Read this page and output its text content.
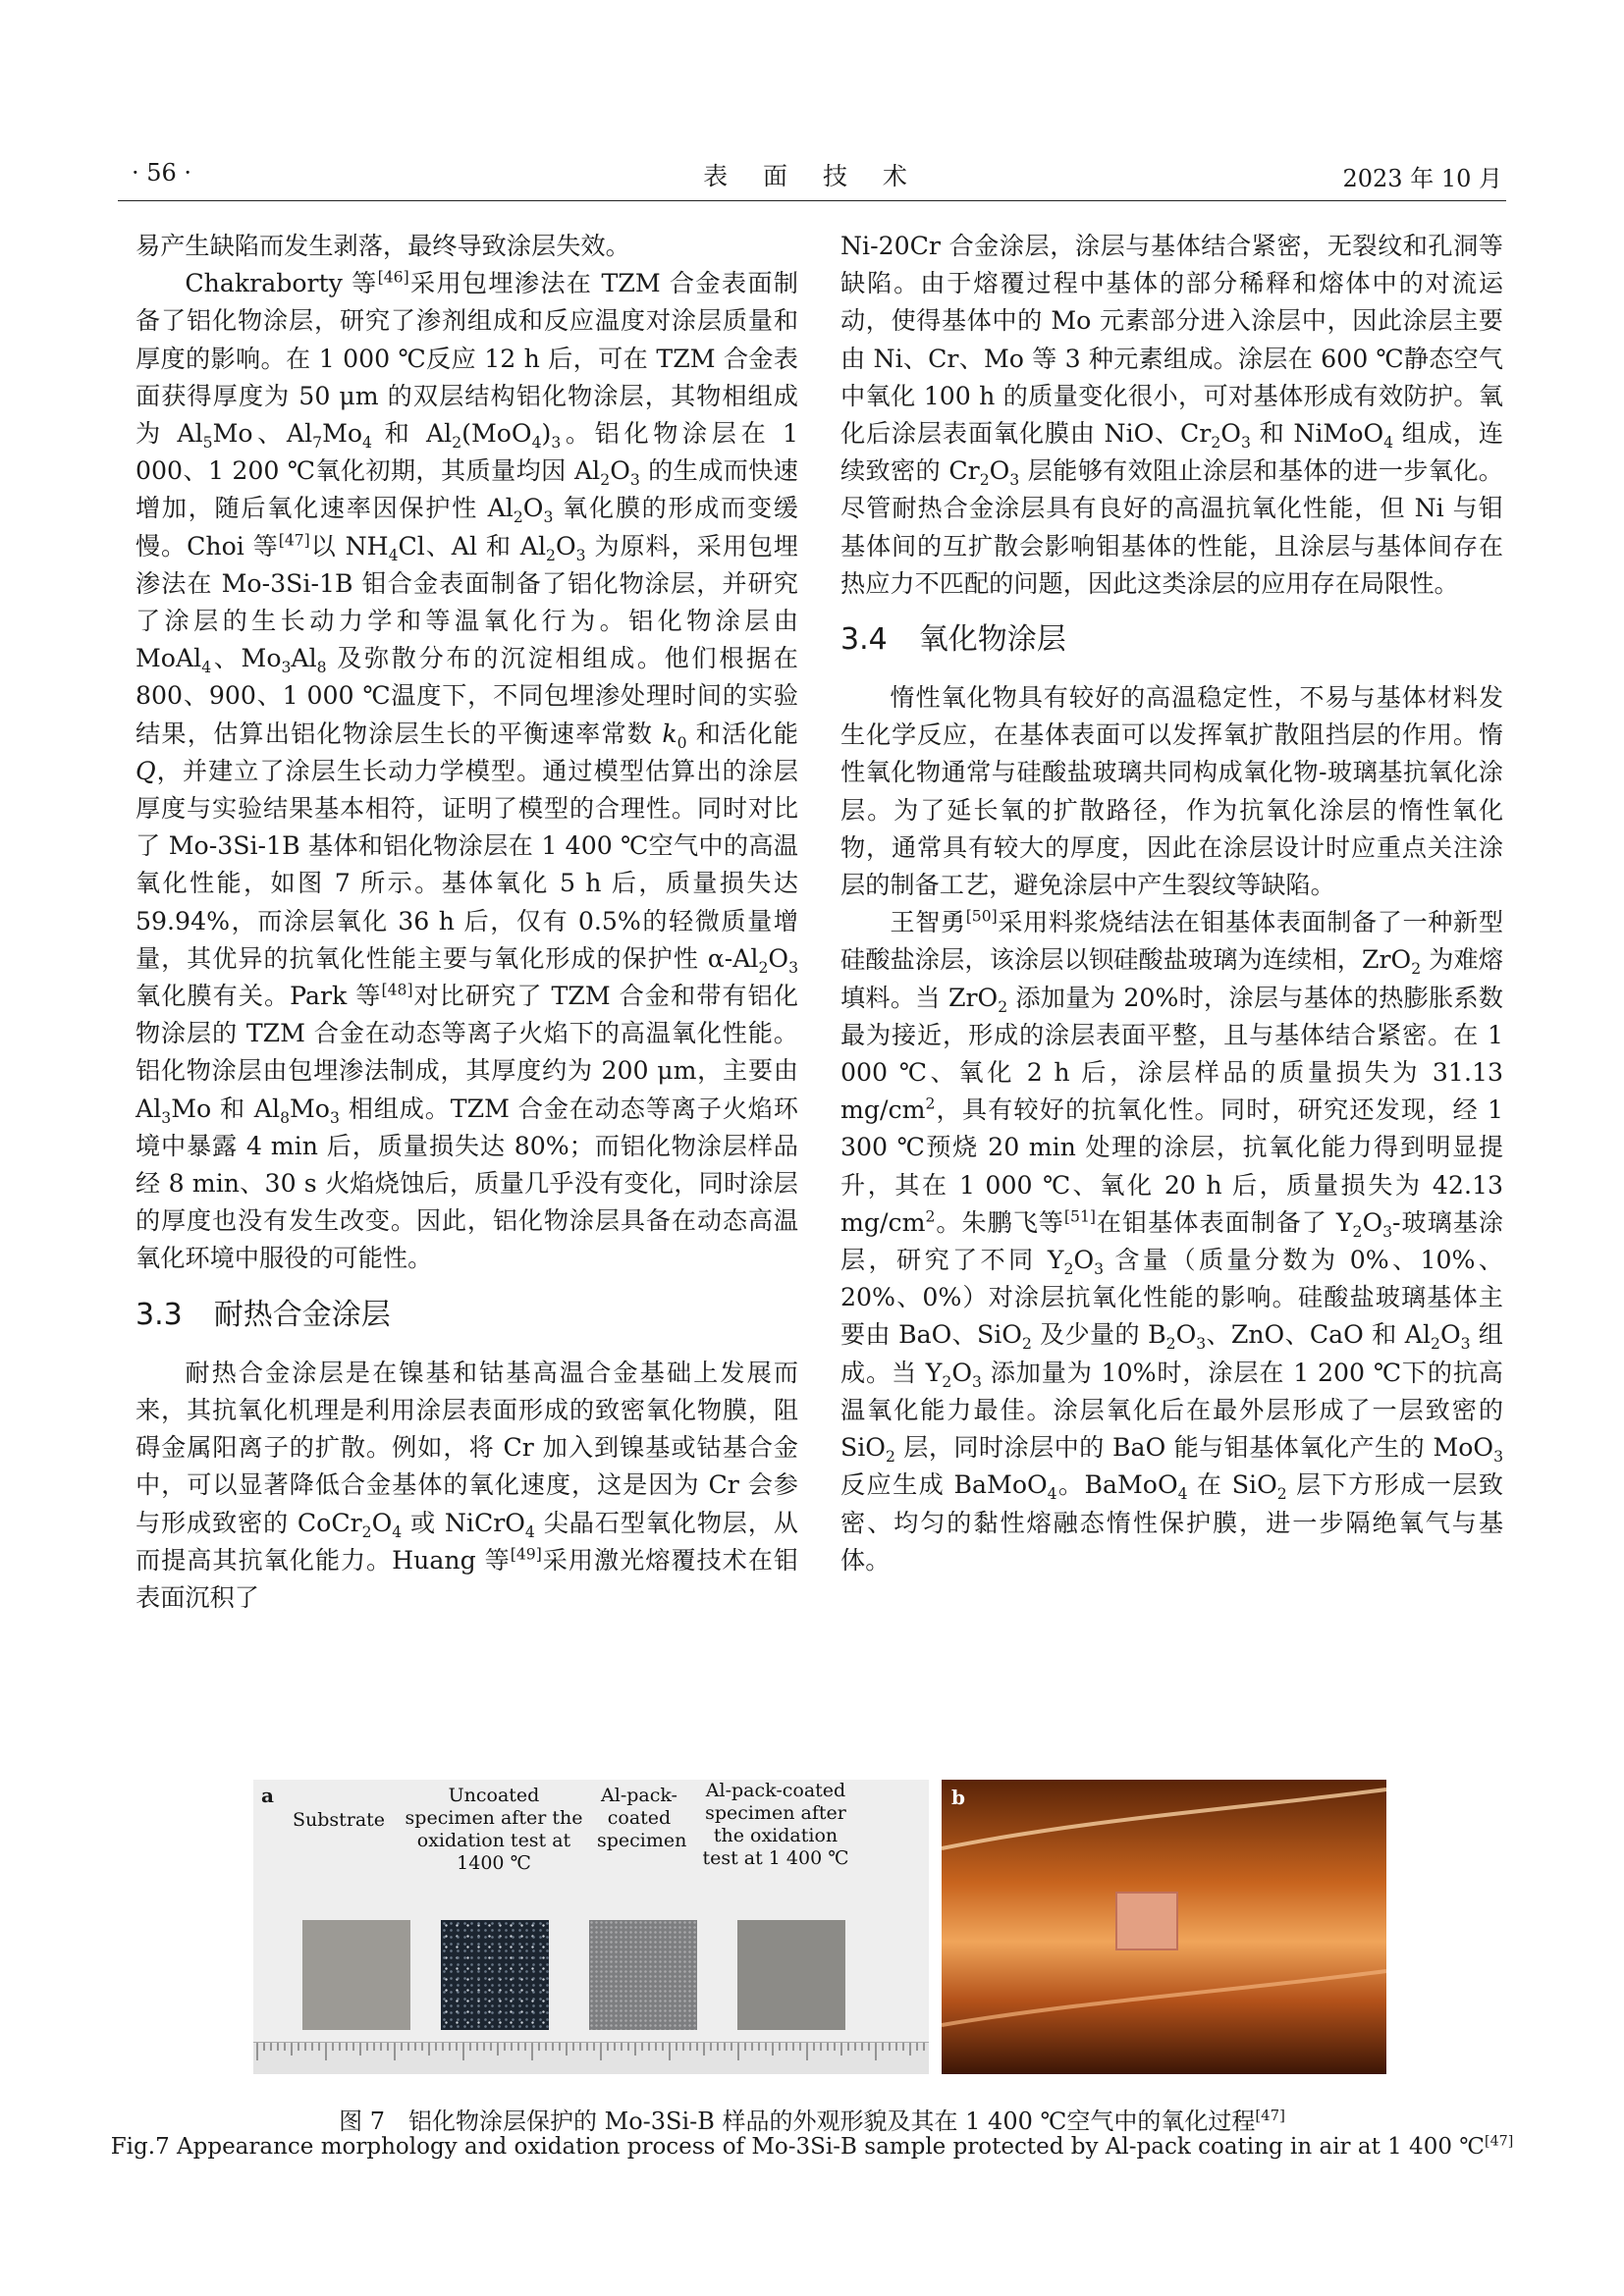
· 56 ·	表 面 技 术	2023 年 10 月

易产生缺陷而发生剥落，最终导致涂层失效。

Chakraborty 等[46]采用包埋渗法在 TZM 合金表面制备了铝化物涂层，研究了渗剂组成和反应温度对涂层质量和厚度的影响。在 1 000 ℃反应 12 h 后，可在 TZM 合金表面获得厚度为 50 μm 的双层结构铝化物涂层，其物相组成为 $Al_5Mo$、$Al_7Mo_4$ 和 $Al_2(MoO_4)_3$。铝化物涂层在 1 000、1 200 ℃氧化初期，其质量均因 $Al_2O_3$ 的生成而快速增加，随后氧化速率因保护性 $Al_2O_3$ 氧化膜的形成而变缓慢。Choi 等[47]以 $NH_4Cl$、Al 和 $Al_2O_3$ 为原料，采用包埋渗法在 Mo-3Si-1B 钼合金表面制备了铝化物涂层，并研究了涂层的生长动力学和等温氧化行为。铝化物涂层由 MoAl$_4$、$Mo_3Al_8$ 及弥散分布的沉淀相组成。他们根据在 800、900、1 000 ℃温度下，不同包埋渗处理时间的实验结果，估算出铝化物涂层生长的平衡速率常数 $k_0$ 和活化能 Q，并建立了涂层生长动力学模型。通过模型估算出的涂层厚度与实验结果基本相符，证明了模型的合理性。同时对比了 Mo-3Si-1B 基体和铝化物涂层在 1 400 ℃空气中的高温氧化性能，如图 7 所示。基体氧化 5 h 后，质量损失达 59.94%，而涂层氧化 36 h 后，仅有 0.5%的轻微质量增量，其优异的抗氧化性能主要与氧化形成的保护性 $\alpha-Al_2O_3$ 氧化膜有关。Park 等[48]对比研究了 TZM 合金和带有铝化物涂层的 TZM 合金在动态等离子火焰下的高温氧化性能。铝化物涂层由包埋渗法制成，其厚度约为 200 μm，主要由 $Al_3Mo$ 和 $Al_8Mo_3$ 相组成。TZM 合金在动态等离子火焰环境中暴露 4 min 后，质量损失达 80%；而铝化物涂层样品经 8 min、30 s 火焰烧蚀后，质量几乎没有变化，同时涂层的厚度也没有发生改变。因此，铝化物涂层具备在动态高温氧化环境中服役的可能性。

3.3 耐热合金涂层

耐热合金涂层是在镍基和钴基高温合金基础上发展而来，其抗氧化机理是利用涂层表面形成的致密氧化物膜，阻碍金属阳离子的扩散。例如，将 Cr 加入到镍基或钴基合金中，可以显著降低合金基体的氧化速度，这是因为 Cr 会参与形成致密的 $CoCr_2O_4$ 或 NiCrO$_4$ 尖晶石型氧化物层，从而提高其抗氧化能力。Huang 等[49]采用激光熔覆技术在钼表面沉积了

Ni-20Cr 合金涂层，涂层与基体结合紧密，无裂纹和孔洞等缺陷。由于熔覆过程中基体的部分稀释和熔体中的对流运动，使得基体中的 Mo 元素部分进入涂层中，因此涂层主要由 Ni、Cr、Mo 等 3 种元素组成。涂层在 600 ℃静态空气中氧化 100 h 的质量变化很小，可对基体形成有效防护。氧化后涂层表面氧化膜由 NiO、$Cr_2O_3$ 和 NiMoO$_4$ 组成，连续致密的 $Cr_2O_3$ 层能够有效阻止涂层和基体的进一步氧化。尽管耐热合金涂层具有良好的高温抗氧化性能，但 Ni 与钼基体间的互扩散会影响钼基体的性能，且涂层与基体间存在热应力不匹配的问题，因此这类涂层的应用存在局限性。

3.4 氧化物涂层

惰性氧化物具有较好的高温稳定性，不易与基体材料发生化学反应，在基体表面可以发挥氧扩散阻挡层的作用。惰性氧化物通常与硅酸盐玻璃共同构成氧化物-玻璃基抗氧化涂层。为了延长氧的扩散路径，作为抗氧化涂层的惰性氧化物，通常具有较大的厚度，因此在涂层设计时应重点关注涂层的制备工艺，避免涂层中产生裂纹等缺陷。

王智勇[50]采用料浆烧结法在钼基体表面制备了一种新型硅酸盐涂层，该涂层以钡硅酸盐玻璃为连续相，ZrO$_2$ 为难熔填料。当 ZrO$_2$ 添加量为 20%时，涂层与基体的热膨胀系数最为接近，形成的涂层表面平整，且与基体结合紧密。在 1 000 ℃、氧化 2 h 后，涂层样品的质量损失为 31.13 $mg/cm^2$，具有较好的抗氧化性。同时，研究还发现，经 1 300 ℃预烧 20 min 处理的涂层，抗氧化能力得到明显提升，其在 1 000 ℃、氧化 20 h 后，质量损失为 42.13 $mg/cm^2$。朱鹏飞等[51]在钼基体表面制备了 $Y_2O_3-$玻璃基涂层，研究了不同 $Y_2O_3$ 含量（质量分数为 0%、10%、20%、0%）对涂层抗氧化性能的影响。硅酸盐玻璃基体主要由 BaO、SiO$_2$ 及少量的 $B_2O_3$、ZnO、CaO 和 $Al_2O_3$ 组成。当 $Y_2O_3$ 添加量为 10%时，涂层在 1 200 ℃下的抗高温氧化能力最佳。涂层氧化后在最外层形成了一层致密的 SiO$_2$ 层，同时涂层中的 BaO 能与钼基体氧化产生的 MoO$_3$ 反应生成 BaMoO$_4$。BaMoO$_4$ 在 SiO$_2$ 层下方形成一层致密、均匀的黏性熔融态惰性保护膜，进一步隔绝氧气与基体。

a
Substrate
Uncoated specimen after the oxidation test at 1400 ℃
Al-pack-coated specimen
Al-pack-coated specimen after the oxidation test at 1 400 ℃
b
图 7　铝化物涂层保护的 Mo-3Si-B 样品的外观形貌及其在 1 400 ℃空气中的氧化过程[47]
Fig.7 Appearance morphology and oxidation process of Mo-3Si-B sample protected by Al-pack coating in air at 1 400 ℃[47]
